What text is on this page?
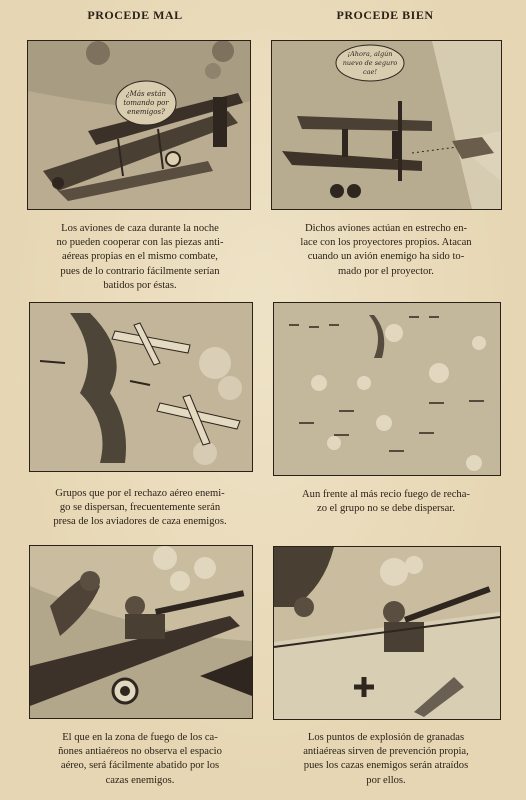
PROCEDE MAL	PROCEDE BIEN
¿Más están
tomando por
enemigos?
¡Ahora, algún
nuevo de seguro
cae!
Los aviones de caza durante la noche
no pueden cooperar con las piezas anti-
aéreas propias en el mismo combate,
pues de lo contrario fácilmente serían
batidos por éstas.
Dichos aviones actúan en estrecho en-
lace con los proyectores propios. Atacan
cuando un avión enemigo ha sido to-
mado por el proyector.
Grupos que por el rechazo aéreo enemi-
go se dispersan, frecuentemente serán
presa de los aviadores de caza enemigos.
Aun frente al más recio fuego de recha-
zo el grupo no se debe dispersar.
El que en la zona de fuego de los ca-
ñones antiaéreos no observa el espacio
aéreo, será fácilmente abatido por los
cazas enemigos.
Los puntos de explosión de granadas
antiaéreas sirven de prevención propia,
pues los cazas enemigos serán atraídos
por ellos.
